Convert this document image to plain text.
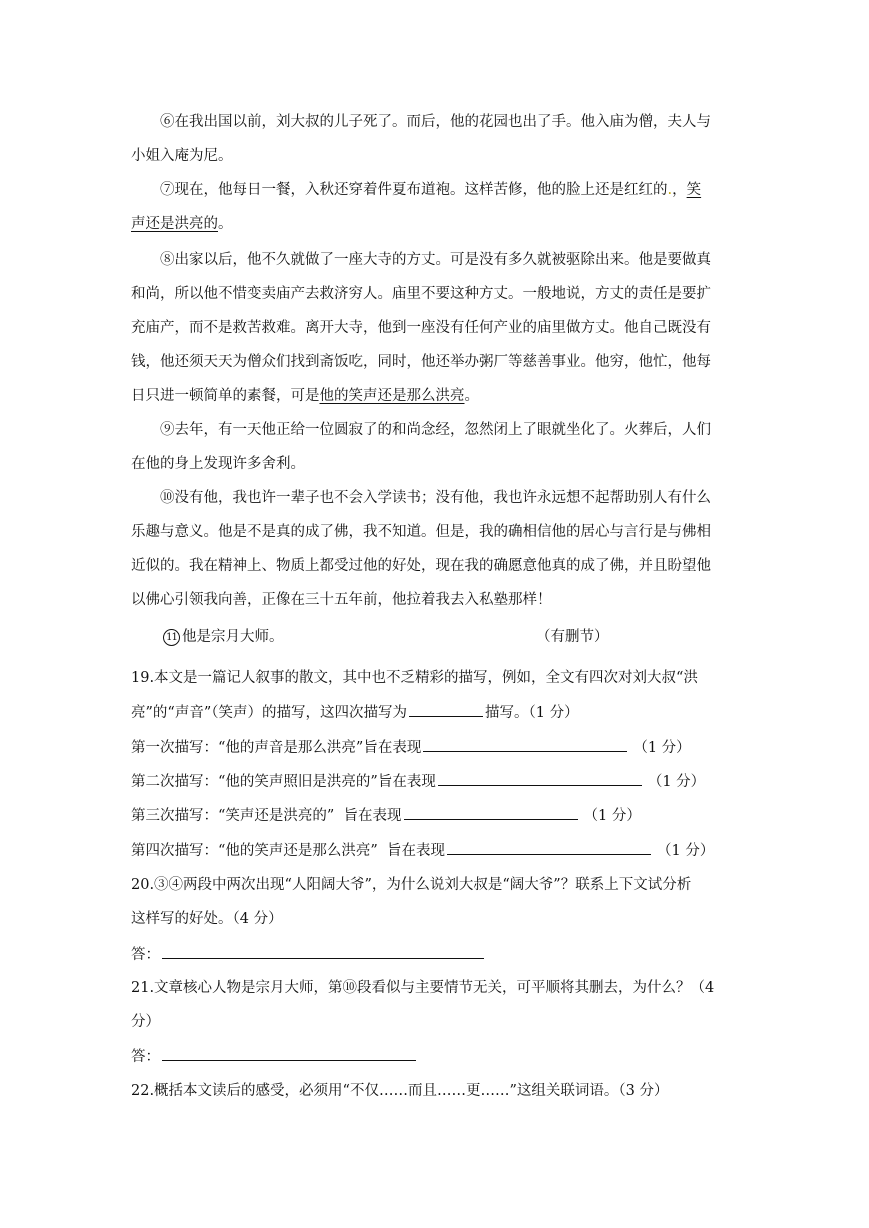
⑥在我出国以前，刘大叔的儿子死了。而后，他的花园也出了手。他入庙为僧，夫人与
小姐入庵为尼。
⑦现在，他每日一餐，入秋还穿着件夏布道袍。这样苦修，他的脸上还是红红的.，笑
声还是洪亮的。
⑧出家以后，他不久就做了一座大寺的方丈。可是没有多久就被驱除出来。他是要做真
和尚，所以他不惜变卖庙产去救济穷人。庙里不要这种方丈。一般地说，方丈的责任是要扩
充庙产，而不是救苦救难。离开大寺，他到一座没有任何产业的庙里做方丈。他自己既没有
钱，他还须天天为僧众们找到斋饭吃，同时，他还举办粥厂等慈善事业。他穷，他忙，他每
日只进一顿简单的素餐，可是他的笑声还是那么洪亮。
⑨去年，有一天他正给一位圆寂了的和尚念经，忽然闭上了眼就坐化了。火葬后，人们
在他的身上发现许多舍利。
⑩没有他，我也许一辈子也不会入学读书；没有他，我也许永远想不起帮助别人有什么
乐趣与意义。他是不是真的成了佛，我不知道。但是，我的确相信他的居心与言行是与佛相
近似的。我在精神上、物质上都受过他的好处，现在我的确愿意他真的成了佛，并且盼望他
以佛心引领我向善，正像在三十五年前，他拉着我去入私塾那样！
11 他是宗月大师。	（有删节）
19.本文是一篇记人叙事的散文，其中也不乏精彩的描写，例如，全文有四次对刘大叔“洪
亮”的“声音”（笑声）的描写，这四次描写为	描写。（1 分）
第一次描写：“他的声音是那么洪亮”旨在表现	（1 分）
第二次描写：“他的笑声照旧是洪亮的”旨在表现	（1 分）
第三次描写：“笑声还是洪亮的”  旨在表现	（1 分）
第四次描写：“他的笑声还是那么洪亮”  旨在表现	（1 分）
20.③④两段中两次出现“人阳阔大爷”，为什么说刘大叔是“阔大爷”？联系上下文试分析
这样写的好处。（4 分）
答：
21.文章核心人物是宗月大师，第⑩段看似与主要情节无关，可平顺将其删去，为什么？（4
分）
答：
22.概括本文读后的感受，必须用“不仅……而且……更……”这组关联词语。（3 分）
